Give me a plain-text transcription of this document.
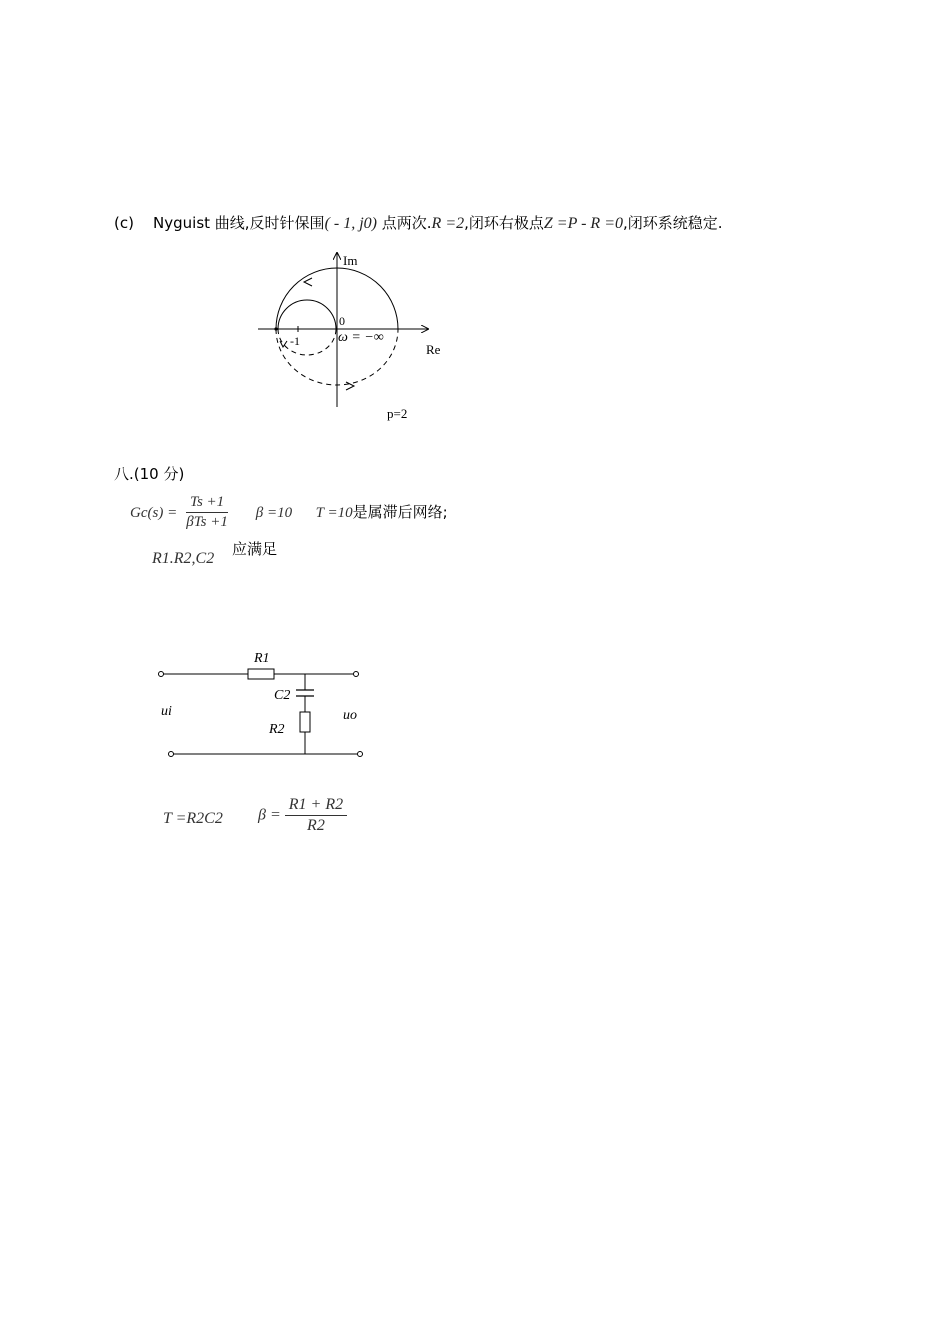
(c) Nyguist 曲线,反时针保围( - 1, j0) 点两次.R =2,闭环右极点Z =P - R =0,闭环系统稳定.
Im
Re
0
-1	ω = −∞
p=2
八.(10 分)
$Gc(s) = \frac{Ts +1}{\text{βTs +1}}$ β =10 T =10是属滞后网络;
R1.R2,C2
应满足
R1
C2
R2
ui	uo
T =R2C2 $\beta = \frac{R1 + R2}{R2}$
